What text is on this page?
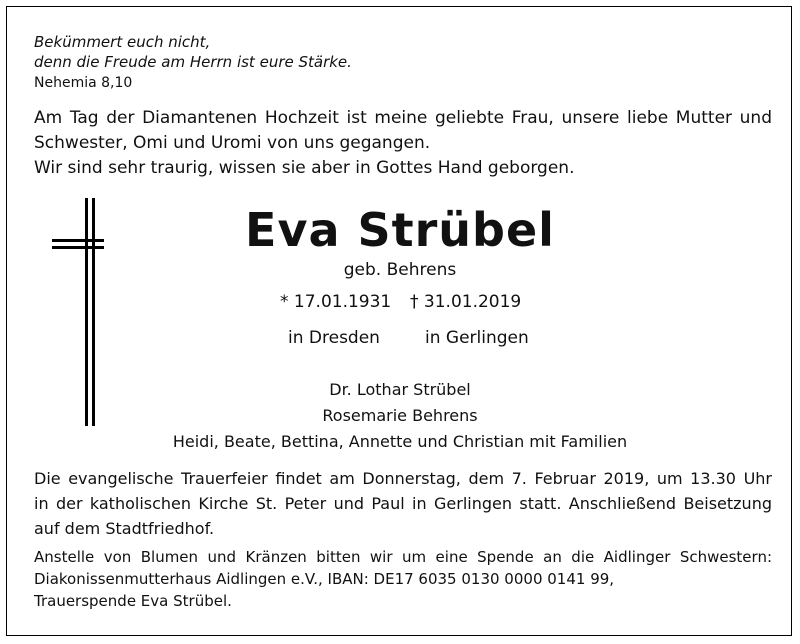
Bekümmert euch nicht,
denn die Freude am Herrn ist eure Stärke.
Nehemia 8,10
Am Tag der Diamantenen Hochzeit ist meine geliebte Frau, unsere liebe Mutter und
Schwester, Omi und Uromi von uns gegangen.
Wir sind sehr traurig, wissen sie aber in Gottes Hand geborgen.
Eva Strübel
geb. Behrens
* 17.01.1931 † 31.01.2019
in Dresden	in Gerlingen
Dr. Lothar Strübel
Rosemarie Behrens
Heidi, Beate, Bettina, Annette und Christian mit Familien
Die evangelische Trauerfeier findet am Donnerstag, dem 7. Februar 2019, um 13.30 Uhr
in der katholischen Kirche St. Peter und Paul in Gerlingen statt. Anschließend Beisetzung
auf dem Stadtfriedhof.
Anstelle von Blumen und Kränzen bitten wir um eine Spende an die Aidlinger Schwestern:
Diakonissenmutterhaus Aidlingen e.V., IBAN: DE17 6035 0130 0000 0141 99,
Trauerspende Eva Strübel.
